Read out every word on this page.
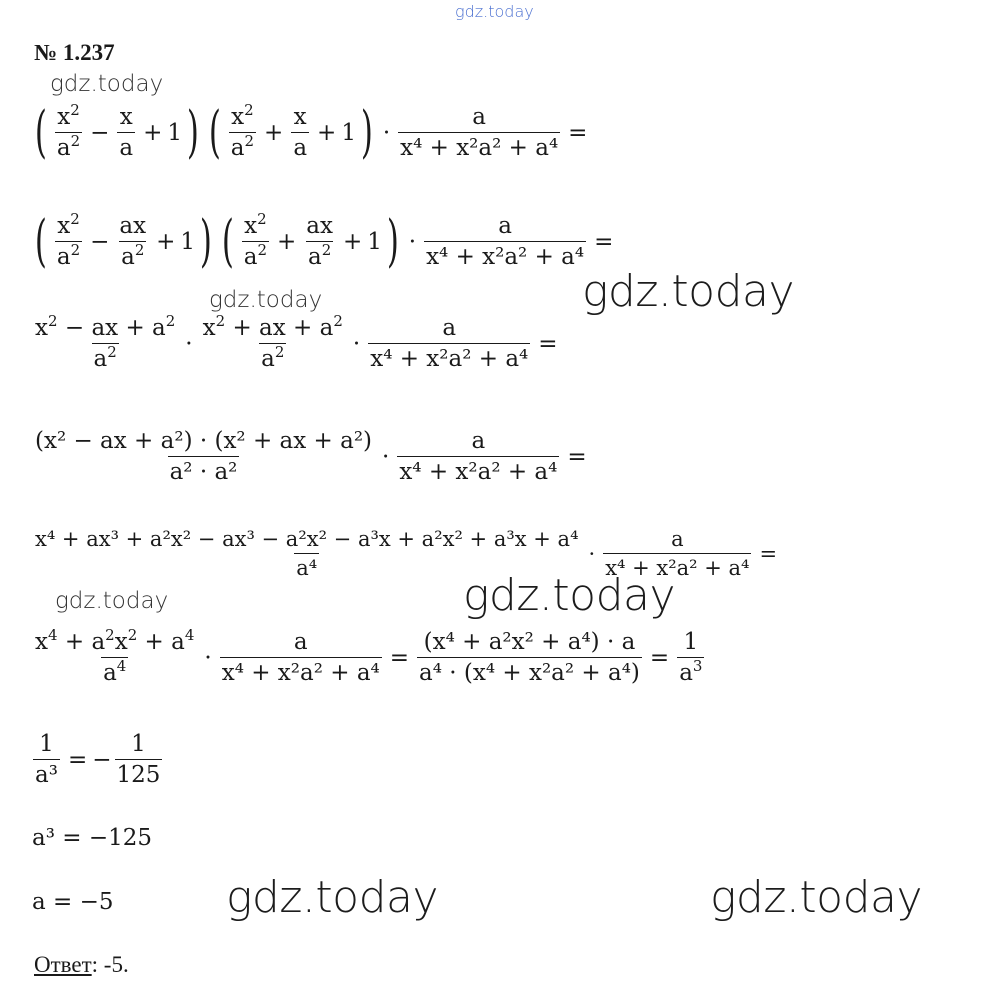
gdz.today
gdz.today
gdz.today
gdz.today
gdz.today
gdz.today
gdz.today	gdz.today
№ 1.237
( $\frac{x^2}{a^2} - \frac{x}{a} + 1$ ) ( $\frac{x^2}{a^2} + \frac{x}{a} + 1$ ) · $\frac{a}{\text{x⁴ + x²a² + a⁴}}$ =
( $\frac{x^2}{a^2} - \frac{ax}{a^2} + 1$ ) ( $\frac{x^2}{a^2} + \frac{ax}{a^2} + 1$ ) · $\frac{a}{\text{x⁴ + x²a² + a⁴}}$ =
$\frac{x^2 - ax + a^2}{a^2} \cdot \frac{x^2 + ax + a^2}{a^2} \cdot \frac{a}{\text{x⁴ + x²a² + a⁴}}$ =
$\frac{\text{(x² − ax + a²) · (x² + ax + a²)}}{\text{a² · a²}} \cdot \frac{a}{\text{x⁴ + x²a² + a⁴}}$ =
$\frac{\text{x⁴ + ax³ + a²x² − ax³ − a²x² − a³x + a²x² + a³x + a⁴}}{\text{a⁴}} \cdot \frac{a}{\text{x⁴ + x²a² + a⁴}}$ =
$\frac{x^4 + a^2x^2 + a^4}{a^4} \cdot \frac{a}{\text{x⁴ + x²a² + a⁴}} = \frac{\text{(x⁴ + a²x² + a⁴) · a}}{\text{a⁴ · (x⁴ + x²a² + a⁴)}} = \frac{1}{a^3}$
$\frac{1}{\text{a³}}$ = − $\frac{1}{125}$
a³ = −125
a = −5
Ответ: -5.
